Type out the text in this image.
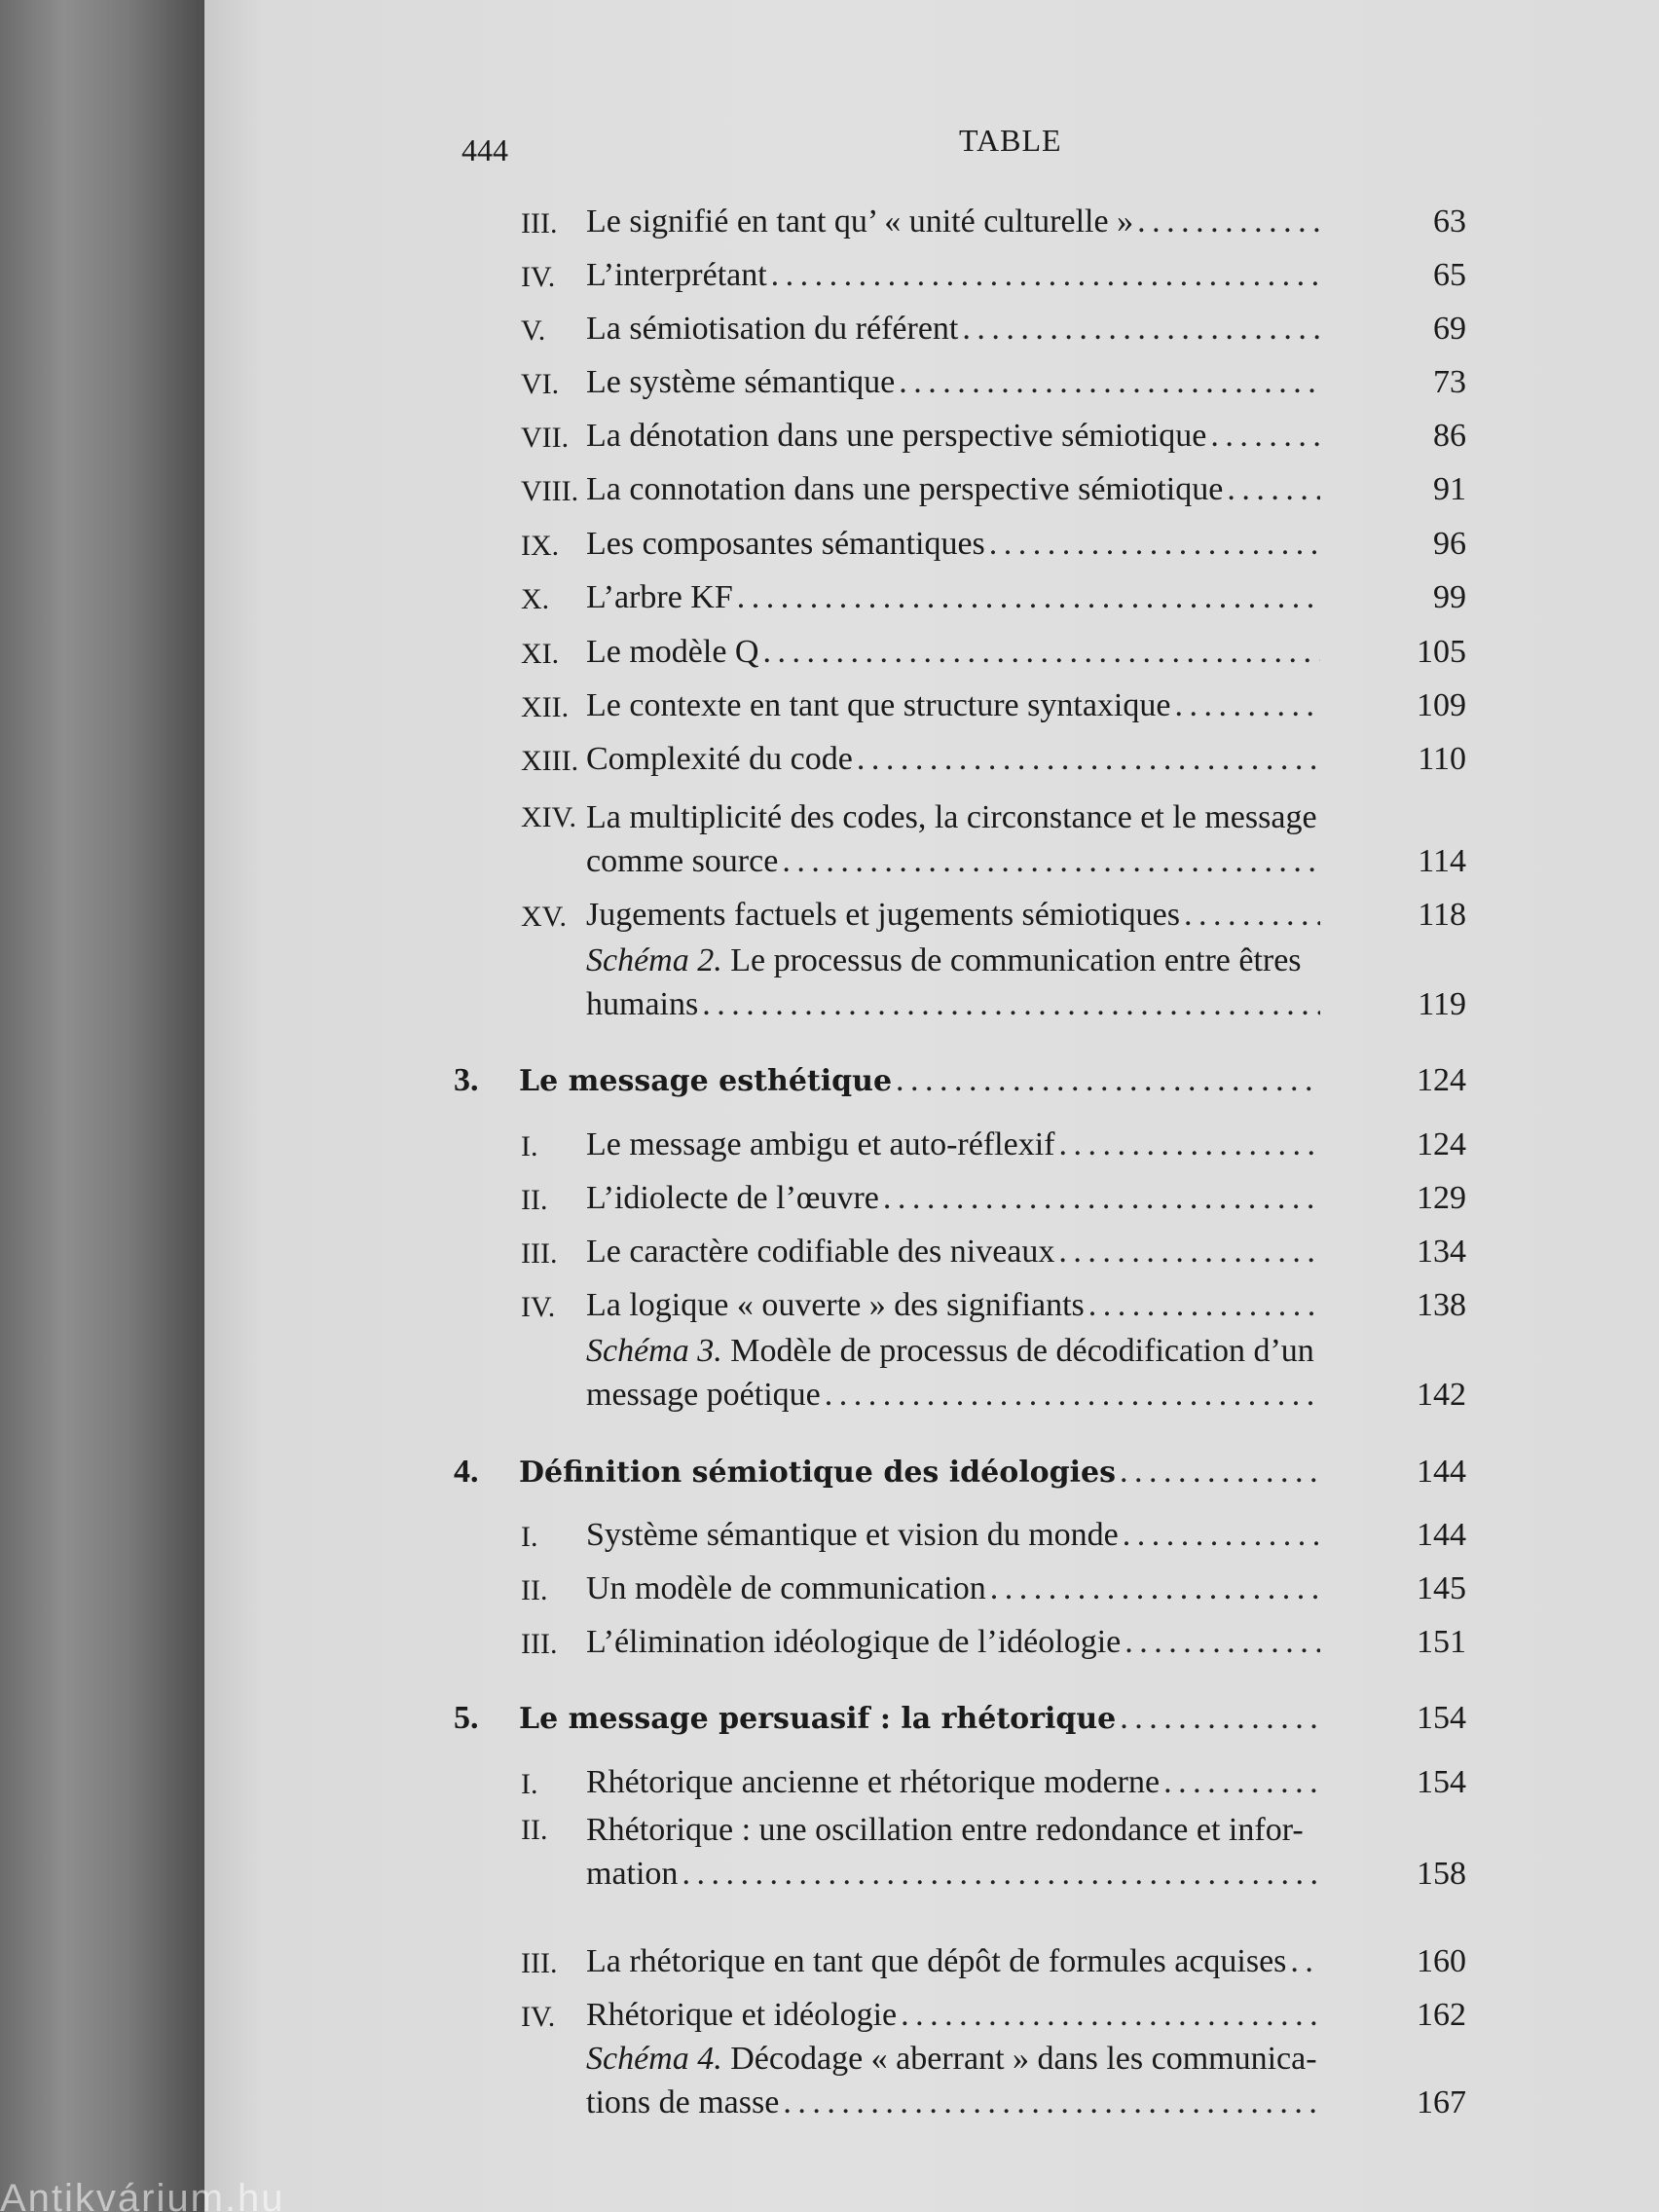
444	TABLE
III. Le signifié en tant qu’ « unité culturelle » . . .	63
IV. L’interprétant . . .	65
V. La sémiotisation du référent . . .	69
VI. Le système sémantique . . .	73
VII. La dénotation dans une perspective sémiotique . . .	86
VIII. La connotation dans une perspective sémiotique . . .	91
IX. Les composantes sémantiques . . .	96
X. L’arbre KF . . .	99
XI. Le modèle Q . . .	105
XII. Le contexte en tant que structure syntaxique . . .	109
XIII. Complexité du code . . .	110
XIV. La multiplicité des codes, la circonstance et le message
comme source . . .	114
XV. Jugements factuels et jugements sémiotiques . . .	118
Schéma 2. Le processus de communication entre êtres
humains . . .	119
3. Le message esthétique . . .	124
I. Le message ambigu et auto-réflexif . . .	124
II. L’idiolecte de l’œuvre . . .	129
III. Le caractère codifiable des niveaux . . .	134
IV. La logique « ouverte » des signifiants . . .	138
Schéma 3. Modèle de processus de décodification d’un
message poétique . . .	142
4. Définition sémiotique des idéologies . . .	144
I. Système sémantique et vision du monde . . .	144
II. Un modèle de communication . . .	145
III. L’élimination idéologique de l’idéologie . . .	151
5. Le message persuasif : la rhétorique . . .	154
I. Rhétorique ancienne et rhétorique moderne . . .	154
II. Rhétorique : une oscillation entre redondance et infor-
mation . . .	158
III. La rhétorique en tant que dépôt de formules acquises . . .	160
IV. Rhétorique et idéologie . . .	162
Schéma 4. Décodage « aberrant » dans les communica-
tions de masse . . .	167
Antikvárium.hu
